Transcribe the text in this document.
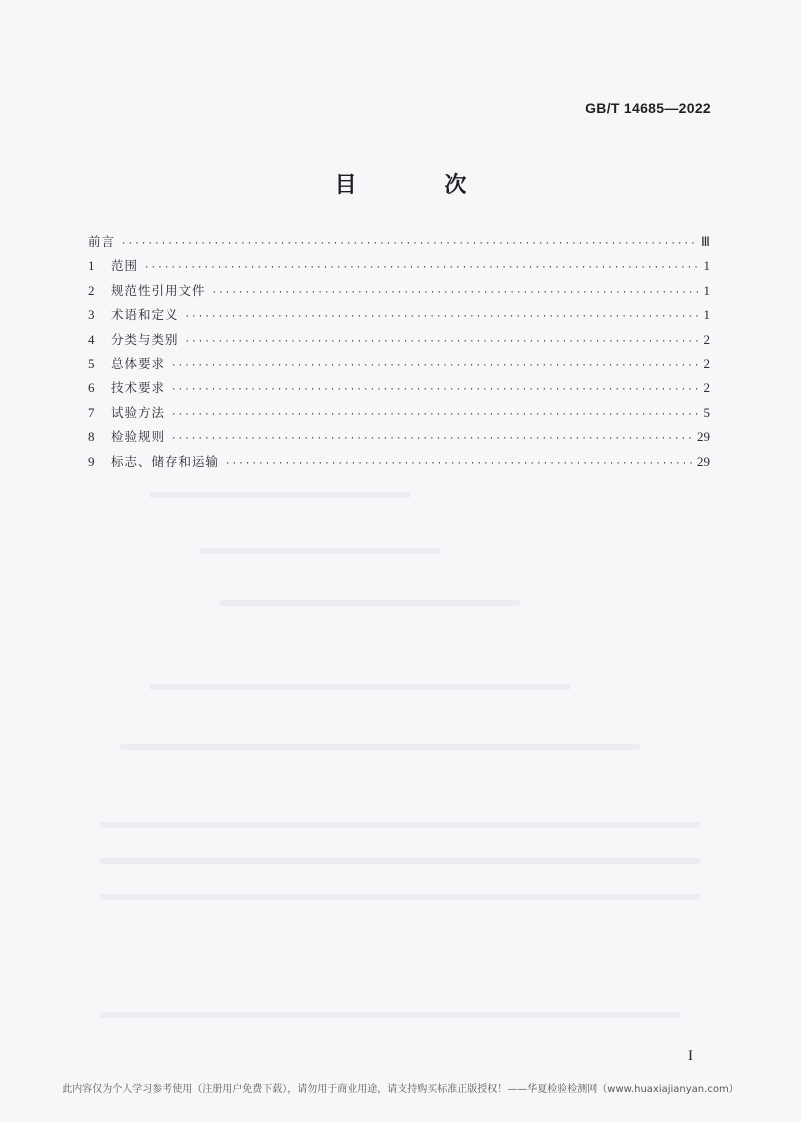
GB/T 14685—2022
目 次
前言 ·····	Ⅲ
1	范围 ·····	1
2	规范性引用文件 ·····	1
3	术语和定义 ·····	1
4	分类与类别 ·····	2
5	总体要求 ·····	2
6	技术要求 ·····	2
7	试验方法 ·····	5
8	检验规则 ·····	29
9	标志、储存和运输 ·····	29
I
此内容仅为个人学习参考使用（注册用户免费下载），请勿用于商业用途，请支持购买标准正版授权！——华夏检验检测网（www.huaxiajianyan.com）
